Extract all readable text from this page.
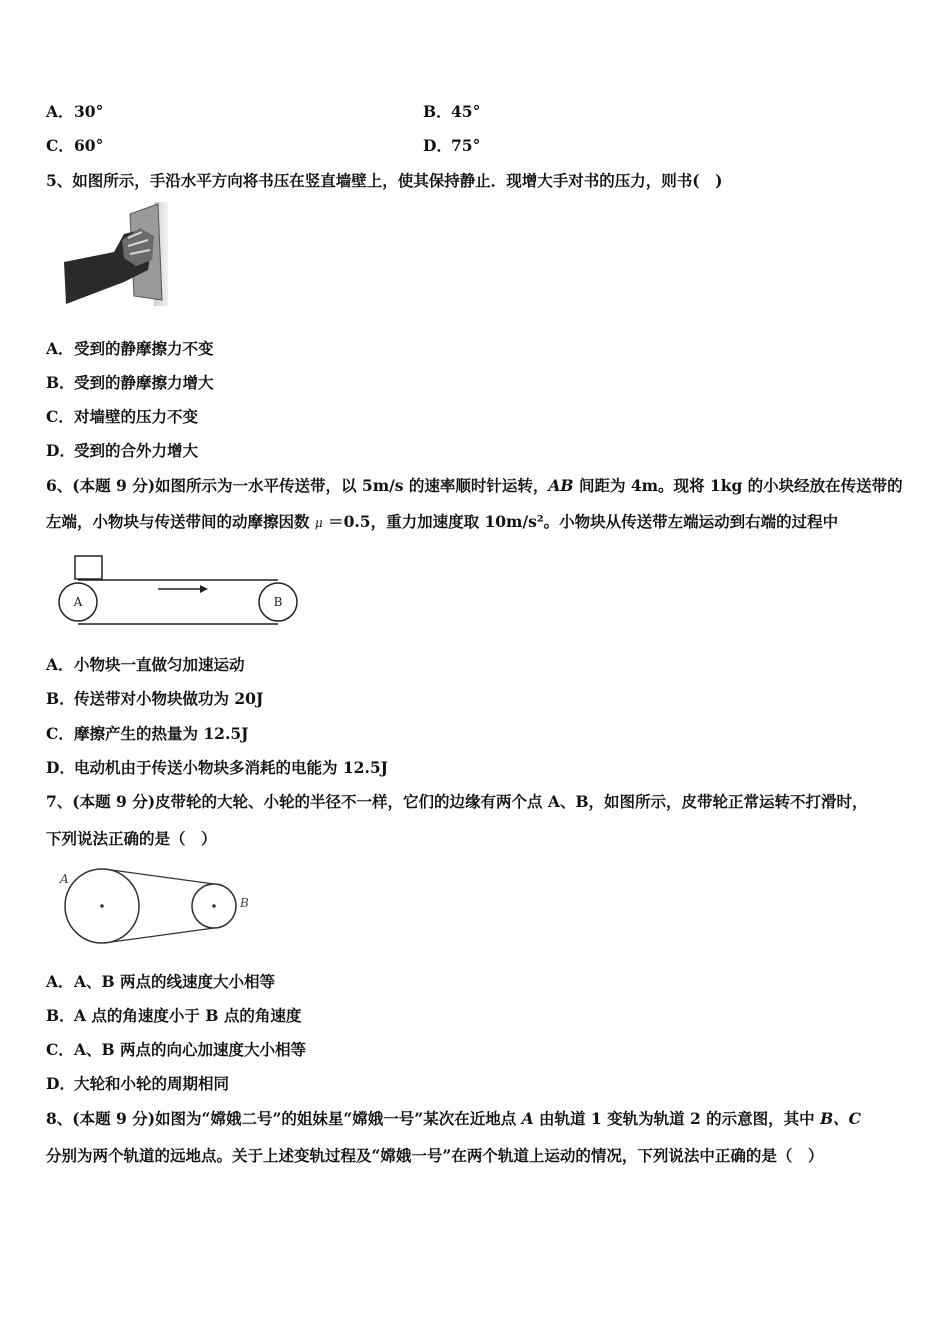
A．30°	B．45°
C．60°	D．75°
5、如图所示，手沿水平方向将书压在竖直墙壁上，使其保持静止．现增大手对书的压力，则书(　)
A．受到的静摩擦力不变
B．受到的静摩擦力增大
C．对墙壁的压力不变
D．受到的合外力增大
6、(本题 9 分)如图所示为一水平传送带，以 5m/s 的速率顺时针运转，AB 间距为 4m。现将 1kg 的小块经放在传送带的
左端，小物块与传送带间的动摩擦因数 μ ＝0.5，重力加速度取 10m/s²。小物块从传送带左端运动到右端的过程中
A	B
A．小物块一直做匀加速运动
B．传送带对小物块做功为 20J
C．摩擦产生的热量为 12.5J
D．电动机由于传送小物块多消耗的电能为 12.5J
7、(本题 9 分)皮带轮的大轮、小轮的半径不一样，它们的边缘有两个点 A、B，如图所示，皮带轮正常运转不打滑时，
下列说法正确的是（　）
A
B
A．A、B 两点的线速度大小相等
B．A 点的角速度小于 B 点的角速度
C．A、B 两点的向心加速度大小相等
D．大轮和小轮的周期相同
8、(本题 9 分)如图为“嫦娥二号”的姐妹星“嫦娥一号”某次在近地点 A 由轨道 1 变轨为轨道 2 的示意图，其中 B、C
分别为两个轨道的远地点。关于上述变轨过程及“嫦娥一号”在两个轨道上运动的情况，下列说法中正确的是（　）
